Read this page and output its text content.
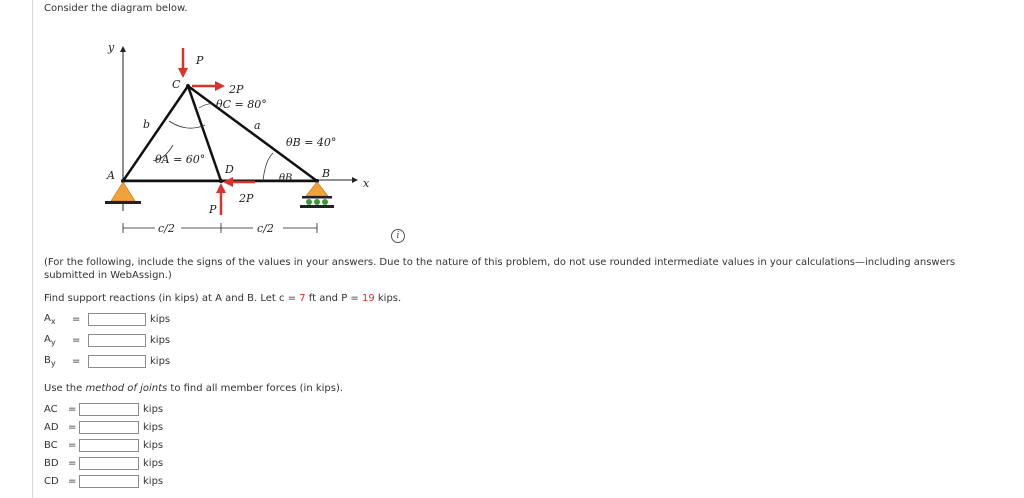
Consider the diagram below.
y
x
A	B
C
D
P
2P
θC = 80°
a
b
θB = 40°
θA = 60°
θB
P
2P
c/2	c/2
i
(For the following, include the signs of the values in your answers. Due to the nature of this problem, do not use rounded intermediate values in your calculations—including answers submitted in WebAssign.)
Find support reactions (in kips) at A and B. Let c = 7 ft and P = 19 kips.
$A_x$	=	kips
$A_y$	=	kips
$B_y$	=	kips
Use the method of joints to find all member forces (in kips).
AC	=	kips
AD =	kips
BC	=	kips
BD =	kips
CD =	kips
